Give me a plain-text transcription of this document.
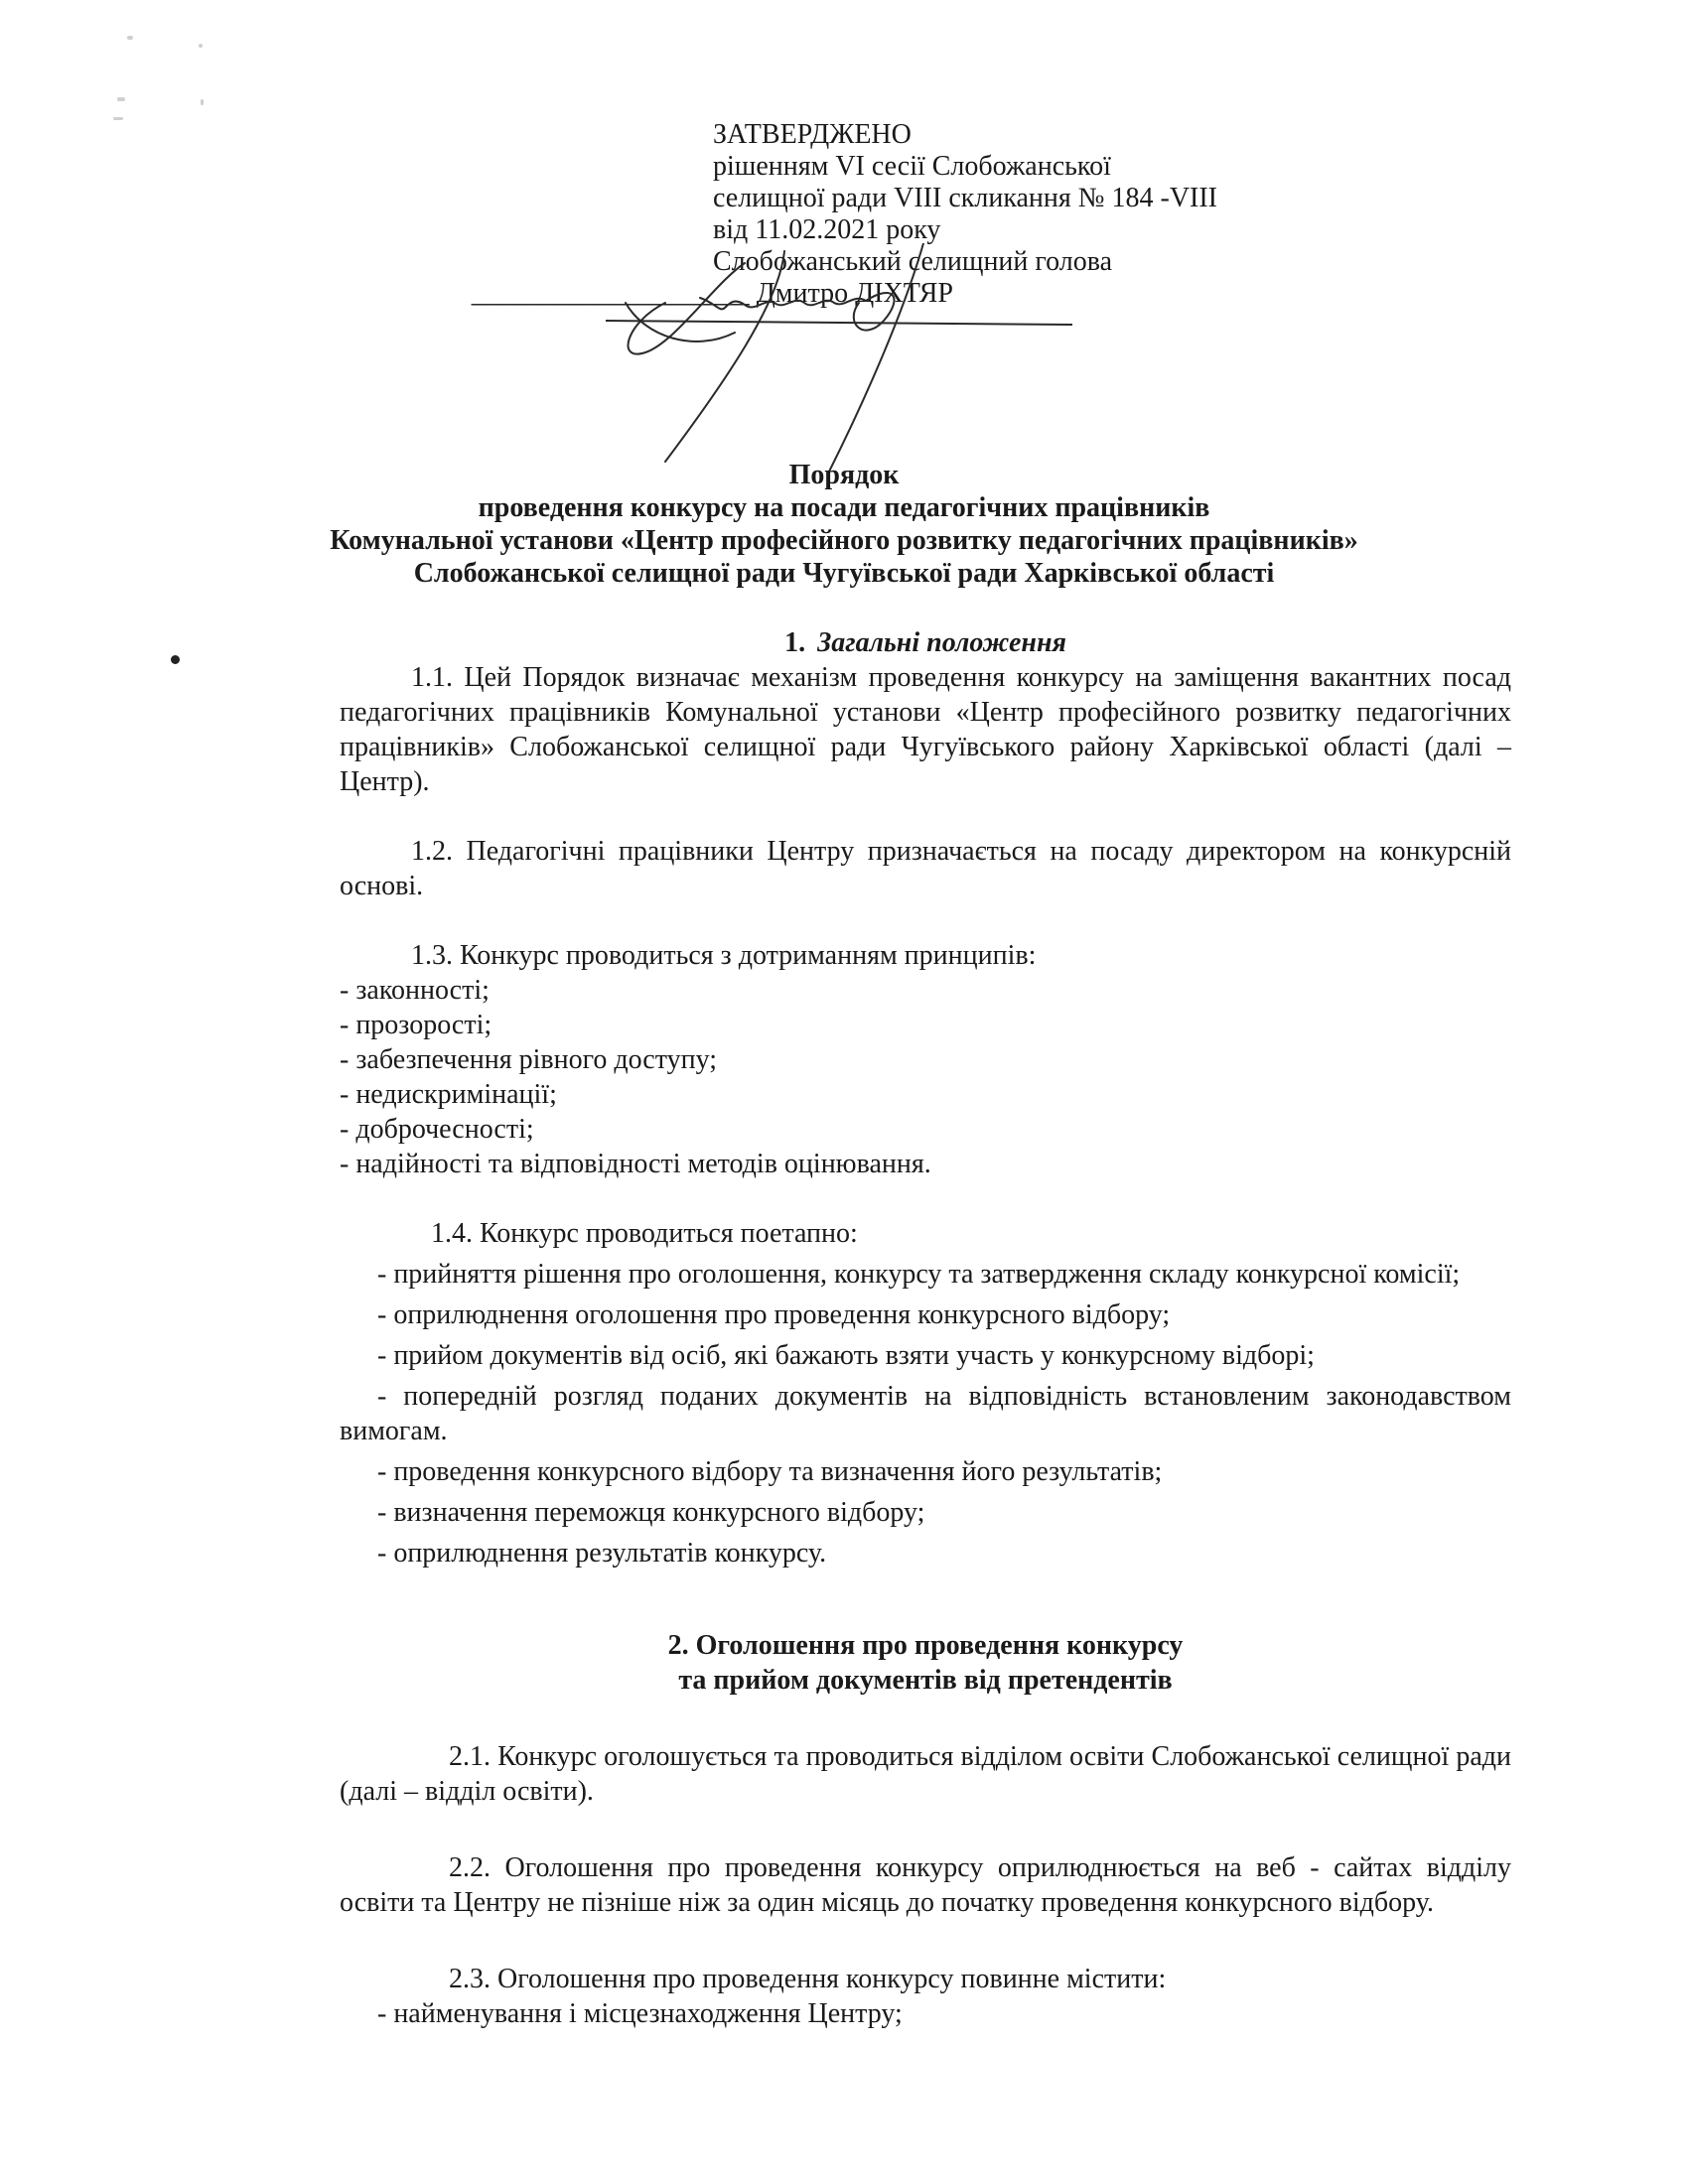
ЗАТВЕРДЖЕНО
рішенням VI сесії Слобожанської
селищної ради VIII скликання № 184 -VIII
від 11.02.2021 року
Слобожанський селищний голова
____________________ Дмитро ДІХТЯР
Порядок
проведення конкурсу на посади педагогічних працівників
Комунальної установи «Центр професійного розвитку педагогічних працівників»
Слобожанської селищної ради Чугуївської ради Харківської області
1. Загальні положення

1.1. Цей Порядок визначає механізм проведення конкурсу на заміщення вакантних посад педагогічних працівників Комунальної установи «Центр професійного розвитку педагогічних працівників» Слобожанської селищної ради Чугуївського району Харківської області (далі – Центр).

1.2. Педагогічні працівники Центру призначається на посаду директором на конкурсній основі.

1.3. Конкурс проводиться з дотриманням принципів:

- законності;

- прозорості;

- забезпечення рівного доступу;

- недискримінації;

- доброчесності;

- надійності та відповідності методів оцінювання.

1.4. Конкурс проводиться поетапно:

- прийняття рішення про оголошення, конкурсу та затвердження складу конкурсної комісії;

- оприлюднення оголошення про проведення конкурсного відбору;

- прийом документів від осіб, які бажають взяти участь у конкурсному відборі;

- попередній розгляд поданих документів на відповідність встановленим законодавством вимогам.

- проведення конкурсного відбору та визначення його результатів;

- визначення переможця конкурсного відбору;

- оприлюднення результатів конкурсу.

2. Оголошення про проведення конкурсу
та прийом документів від претендентів

2.1. Конкурс оголошується та проводиться відділом освіти Слобожанської селищної ради (далі – відділ освіти).

2.2. Оголошення про проведення конкурсу оприлюднюється на веб - сайтах відділу освіти та Центру не пізніше ніж за один місяць до початку проведення конкурсного відбору.

2.3. Оголошення про проведення конкурсу повинне містити:

- найменування і місцезнаходження Центру;
